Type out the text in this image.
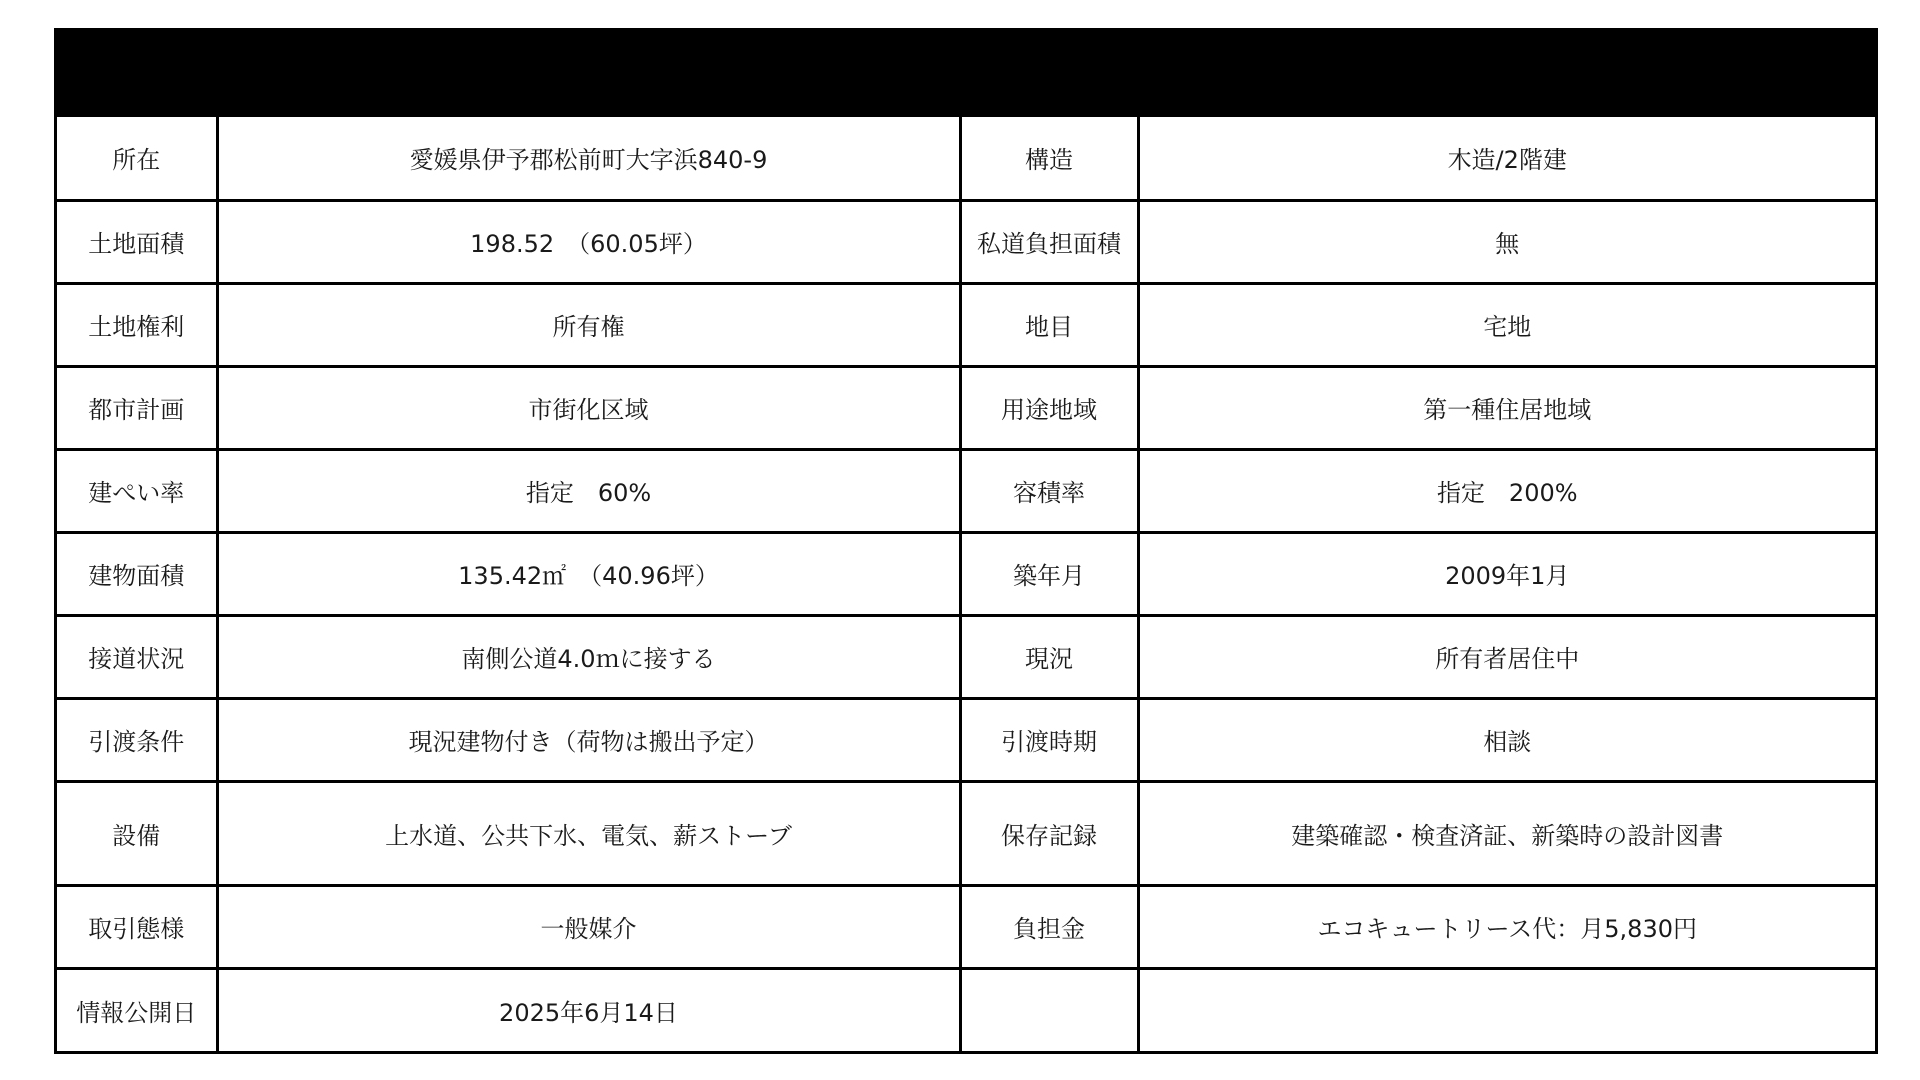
所在	愛媛県伊予郡松前町大字浜840-9	構造	木造/2階建
土地面積	198.52　（60.05坪）	私道負担面積	無
土地権利	所有権	地目	宅地
都市計画	市街化区域	用途地域	第一種住居地域
建ぺい率	指定　60%	容積率	指定　200%
建物面積	135.42㎡　（40.96坪）	築年月	2009年1月
接道状況	南側公道4.0ｍに接する	現況	所有者居住中
引渡条件	現況建物付き（荷物は搬出予定）	引渡時期	相談
設備	上水道、公共下水、電気、薪ストーブ	保存記録	建築確認・検査済証、新築時の設計図書
取引態様	一般媒介	負担金	エコキュートリース代：月5,830円
情報公開日	2025年6月14日		
